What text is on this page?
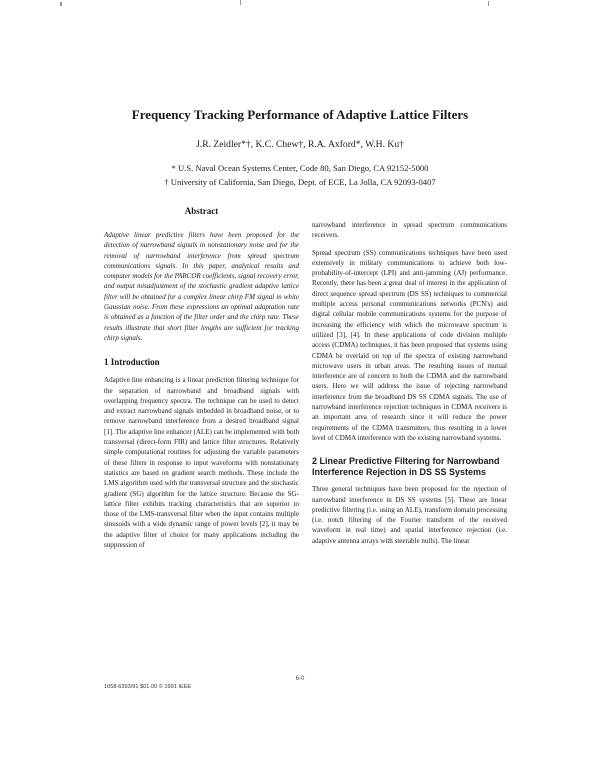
Frequency Tracking Performance of Adaptive Lattice Filters
J.R. Zeidler*†, K.C. Chew†, R.A. Axford*, W.H. Ku†
* U.S. Naval Ocean Systems Center, Code 80, San Diego, CA 92152-5000
† University of California, San Diego, Dept. of ECE, La Jolla, CA 92093-0407
Abstract

Adaptive linear predictive filters have been proposed for the detection of narrowband signals in nonstationary noise and for the removal of narrowband interference from spread spectrum communications signals. In this paper, analytical results and computer models for the PARCOR coefficients, signal recovery error, and output misadjustment of the stochastic gradient adaptive lattice filter will be obtained for a complex linear chirp FM signal in white Gaussian noise. From these expressions an optimal adaptation rate is obtained as a function of the filter order and the chirp rate. These results illustrate that short filter lengths are sufficient for tracking chirp signals.

1 Introduction

Adaptive line enhancing is a linear prediction filtering technique for the separation of narrowband and broadband signals with overlapping frequency spectra. The technique can be used to detect and extract narrowband signals imbedded in broadband noise, or to remove narrowband interference from a desired broadband signal [1]. The adaptive line enhancer (ALE) can be implemented with both transversal (direct-form FIR) and lattice filter structures. Relatively simple computational routines for adjusting the variable parameters of these filters in response to input waveforms with nonstationary statistics are based on gradient search methods. These include the LMS algorithm used with the transversal structure and the stochastic gradient (SG) algorithm for the lattice structure. Because the SG-lattice filter exhibits tracking characteristics that are superior to those of the LMS-transversal filter when the input contains multiple sinusoids with a wide dynamic range of power levels [2], it may be the adaptive filter of choice for many applications including the suppression of

narrowband interference in spread spectrum communications receivers.

Spread spectrum (SS) communications techniques have been used extensively in military communications to achieve both low-probability-of-intercept (LPI) and anti-jamming (AJ) performance. Recently, there has been a great deal of interest in the application of direct sequence spread spectrum (DS SS) techniques to commercial multiple access personal communications networks (PCN's) and digital cellular mobile communications systems for the purpose of increasing the efficiency with which the microwave spectrum is utilized [3], [4]. In these applications of code division multiple access (CDMA) techniques, it has been proposed that systems using CDMA be overlaid on top of the spectra of existing narrowband microwave users in urban areas. The resulting issues of mutual interference are of concern to both the CDMA and the narrowband users. Here we will address the issue of rejecting narrowband interference from the broadband DS SS CDMA signals. The use of narrowband interference rejection techniques in CDMA receivers is an important area of research since it will reduce the power requirements of the CDMA transmitters, thus resulting in a lower level of CDMA interference with the existing narrowband systems.

2 Linear Predictive Filtering for Narrowband Interference Rejection in DS SS Systems

Three general techniques have been proposed for the rejection of narrowband interference in DS SS systems [5]. These are linear predictive filtering (i.e. using an ALE), transform domain processing (i.e. notch filtering of the Fourier transform of the received waveform in real time) and spatial interference rejection (i.e. adaptive antenna arrays with steerable nulls). The linear

6-0
1058-6393/91 $01.00 © 1991 IEEE
